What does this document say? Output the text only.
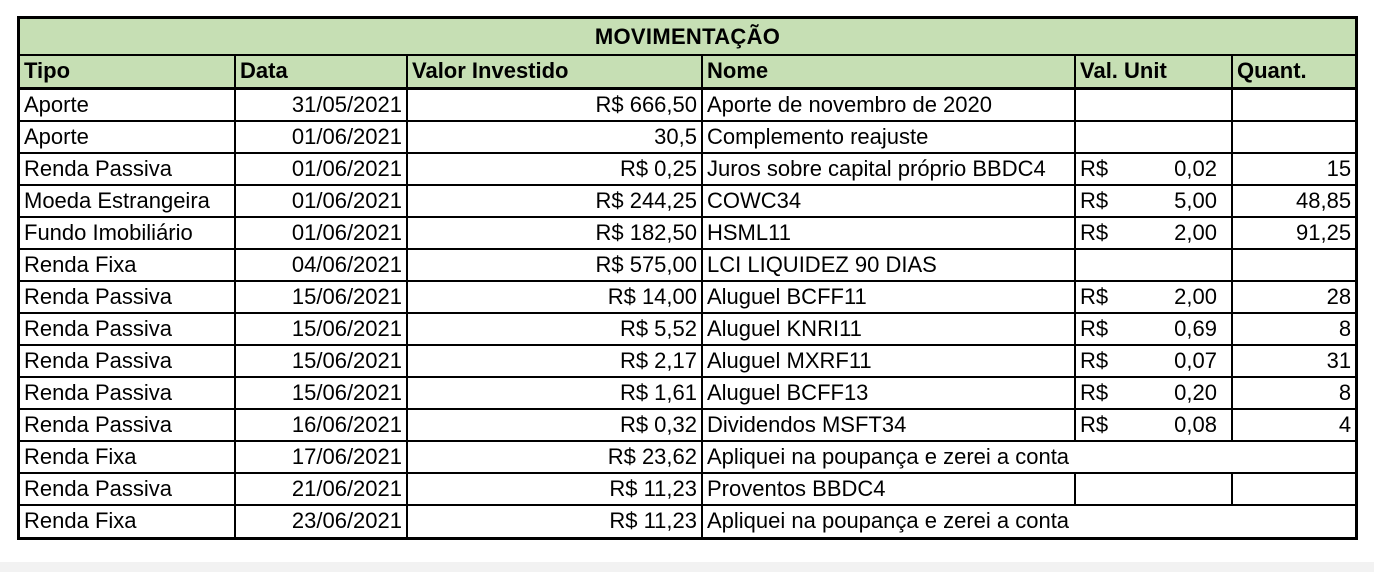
MOVIMENTAÇÃO					
Tipo	Data	Valor Investido	Nome	Val. Unit	Quant.
Aporte	31/05/2021	R$ 666,50	Aporte de novembro de 2020	

Aporte	01/06/2021	30,5	Complemento reajuste	

Renda Passiva	01/06/2021	R$ 0,25	Juros sobre capital próprio BBDC4	R$ 0,02	15
Moeda Estrangeira	01/06/2021	R$ 244,25	COWC34	R$ 5,00	48,85
Fundo Imobiliário	01/06/2021	R$ 182,50	HSML11	R$ 2,00	91,25
Renda Fixa	04/06/2021	R$ 575,00	LCI LIQUIDEZ 90 DIAS	

Renda Passiva	15/06/2021	R$ 14,00	Aluguel BCFF11	R$ 2,00	28
Renda Passiva	15/06/2021	R$ 5,52	Aluguel KNRI11	R$ 0,69	8
Renda Passiva	15/06/2021	R$ 2,17	Aluguel MXRF11	R$ 0,07	31
Renda Passiva	15/06/2021	R$ 1,61	Aluguel BCFF13	R$ 0,20	8
Renda Passiva	16/06/2021	R$ 0,32	Dividendos MSFT34	R$ 0,08	4
Renda Fixa	17/06/2021	R$ 23,62	Apliquei na poupança e zerei a conta	

Renda Passiva	21/06/2021	R$ 11,23	Proventos BBDC4	

Renda Fixa	23/06/2021	R$ 11,23	Apliquei na poupança e zerei a conta	
